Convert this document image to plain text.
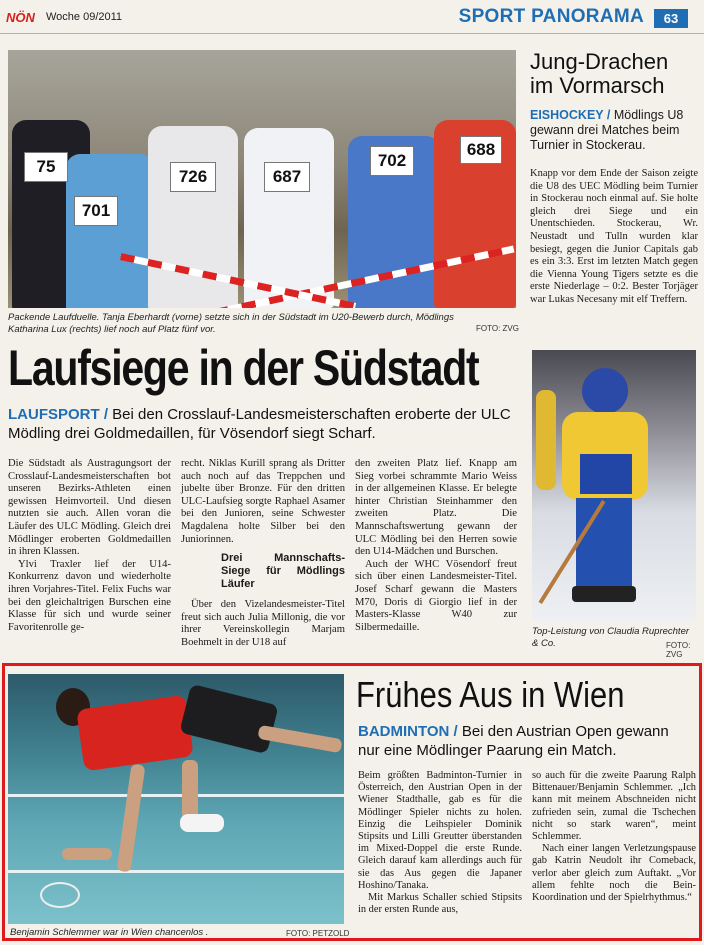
NÖN Woche 09/2011	SPORT PANORAMA	63
75
701
726	687
702
688
Packende Laufduelle. Tanja Eberhardt (vorne) setzte sich in der Südstadt im U20-Bewerb durch, Mödlings Katharina Lux (rechts) lief noch auf Platz fünf vor.	FOTO: ZVG
Laufsiege in der Südstadt
LAUFSPORT / Bei den Crosslauf-Landesmeisterschaften eroberte der ULC Mödling drei Goldmedaillen, für Vösendorf siegt Scharf.

Die Südstadt als Austragungsort der Crosslauf-Landesmeisterschaften bot unseren Bezirks-Athleten einen gewissen Heimvorteil. Und diesen nutzten sie auch. Allen voran die Läufer des ULC Mödling. Gleich drei Mödlinger eroberten Goldmedaillen in ihren Klassen.

Ylvi Traxler lief der U14-Konkurrenz davon und wiederholte ihren Vorjahres-Titel. Felix Fuchs war bei den gleichaltrigen Burschen eine Klasse für sich und wurde seiner Favoritenrolle ge-

recht. Niklas Kurill sprang als Dritter auch noch auf das Treppchen und jubelte über Bronze. Für den dritten ULC-Laufsieg sorgte Raphael Asamer bei den Junioren, seine Schwester Magdalena holte Silber bei den Juniorinnen.

Drei Mannschafts-Siege für Mödlings Läufer

Über den Vizelandesmeister-Titel freut sich auch Julia Millonig, die vor ihrer Vereinskollegin Marjam Boehmelt in der U18 auf

den zweiten Platz lief. Knapp am Sieg vorbei schrammte Mario Weiss in der allgemeinen Klasse. Er belegte hinter Christian Steinhammer den zweiten Platz. Die Mannschaftswertung gewann der ULC Mödling bei den Herren sowie den U14-Mädchen und Burschen.

Auch der WHC Vösendorf freut sich über einen Landesmeister-Titel. Josef Scharf gewann die Masters M70, Doris di Giorgio lief in der Masters-Klasse W40 zur Silbermedaille.

Jung-Drachen
im Vormarsch
EISHOCKEY / Mödlings U8 gewann drei Matches beim Turnier in Stockerau.
Knapp vor dem Ende der Saison zeigte die U8 des UEC Mödling beim Turnier in Stockerau noch einmal auf. Sie holte gleich drei Siege und ein Unentschieden. Stockerau, Wr. Neustadt und Tulln wurden klar besiegt, gegen die Junior Capitals gab es ein 3:3. Erst im letzten Match gegen die Vienna Young Tigers setzte es die erste Niederlage – 0:2. Bester Torjäger war Lukas Necesany mit elf Treffern.
Top-Leistung von Claudia Ruprechter & Co.	FOTO: ZVG
Benjamin Schlemmer war in Wien chancenlos .	FOTO: PETZOLD
Frühes Aus in Wien
BADMINTON / Bei den Austrian Open gewann nur eine Mödlinger Paarung ein Match.

Beim größten Badminton-Turnier in Österreich, den Austrian Open in der Wiener Stadthalle, gab es für die Mödlinger Spieler nichts zu holen. Einzig die Leihspieler Dominik Stipsits und Lilli Greutter überstanden im Mixed-Doppel die erste Runde. Gleich darauf kam allerdings auch für sie das Aus gegen die Japaner Hoshino/Tanaka.

Mit Markus Schaller schied Stipsits in der ersten Runde aus,

so auch für die zweite Paarung Ralph Bittenauer/Benjamin Schlemmer. „Ich kann mit meinem Abschneiden nicht zufrieden sein, zumal die Tschechen nicht so stark waren“, meint Schlemmer.

Nach einer langen Verletzungspause gab Katrin Neudolt ihr Comeback, verlor aber gleich zum Auftakt. „Vor allem fehlte noch die Bein-Koordination und der Spielrhythmus.“
